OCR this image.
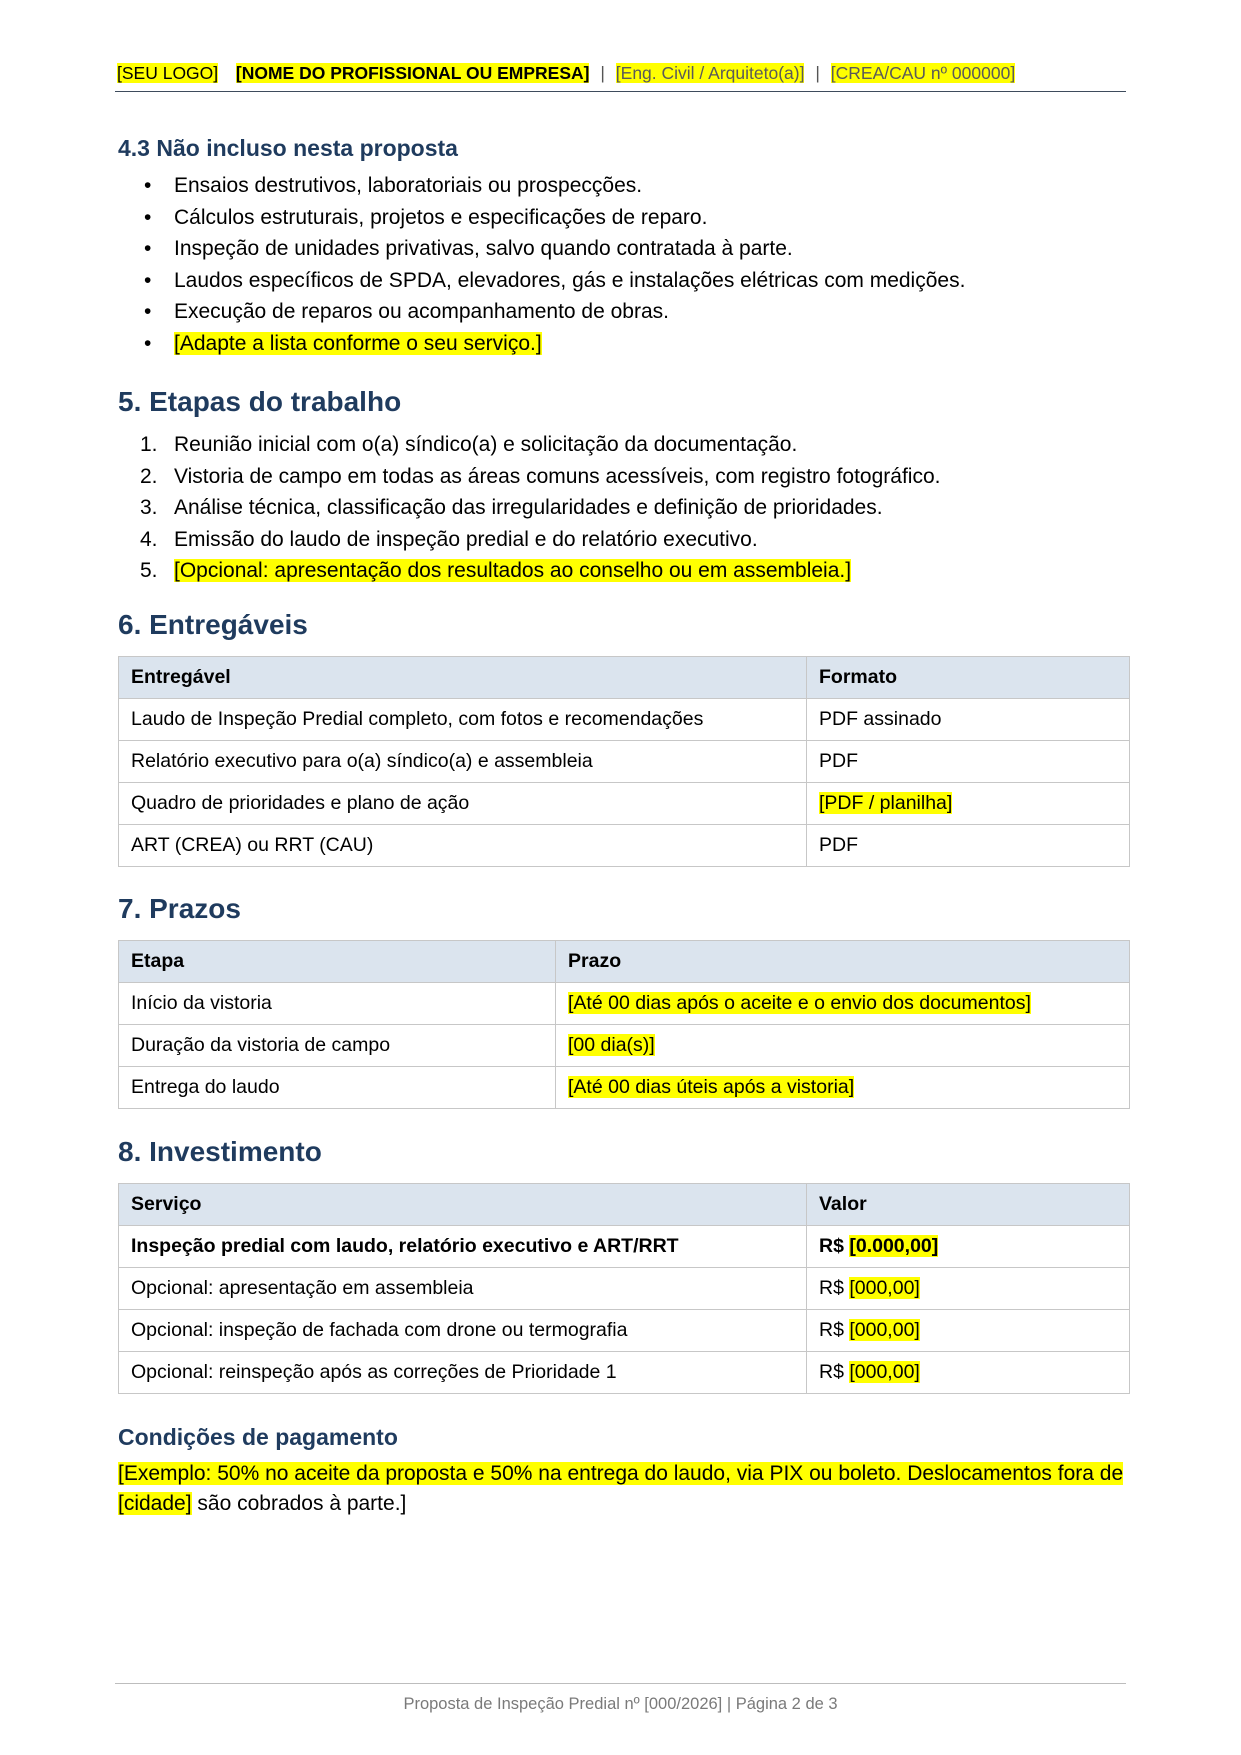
[SEU LOGO] [NOME DO PROFISSIONAL OU EMPRESA] | [Eng. Civil / Arquiteto(a)] | [CREA/CAU nº 000000]
4.3 Não incluso nesta proposta
• Ensaios destrutivos, laboratoriais ou prospecções.
• Cálculos estruturais, projetos e especificações de reparo.
• Inspeção de unidades privativas, salvo quando contratada à parte.
• Laudos específicos de SPDA, elevadores, gás e instalações elétricas com medições.
• Execução de reparos ou acompanhamento de obras.
• [Adapte a lista conforme o seu serviço.]
5. Etapas do trabalho
1. Reunião inicial com o(a) síndico(a) e solicitação da documentação.
2. Vistoria de campo em todas as áreas comuns acessíveis, com registro fotográfico.
3. Análise técnica, classificação das irregularidades e definição de prioridades.
4. Emissão do laudo de inspeção predial e do relatório executivo.
5. [Opcional: apresentação dos resultados ao conselho ou em assembleia.]
6. Entregáveis
Entregável	Formato
Laudo de Inspeção Predial completo, com fotos e recomendações	PDF assinado
Relatório executivo para o(a) síndico(a) e assembleia	PDF
Quadro de prioridades e plano de ação	[PDF / planilha]
ART (CREA) ou RRT (CAU)	PDF
7. Prazos
Etapa	Prazo
Início da vistoria	[Até 00 dias após o aceite e o envio dos documentos]
Duração da vistoria de campo	[00 dia(s)]
Entrega do laudo	[Até 00 dias úteis após a vistoria]
8. Investimento
Serviço	Valor
Inspeção predial com laudo, relatório executivo e ART/RRT	R$ [0.000,00]
Opcional: apresentação em assembleia	R$ [000,00]
Opcional: inspeção de fachada com drone ou termografia	R$ [000,00]
Opcional: reinspeção após as correções de Prioridade 1	R$ [000,00]
Condições de pagamento
[Exemplo: 50% no aceite da proposta e 50% na entrega do laudo, via PIX ou boleto. Deslocamentos fora de [cidade] são cobrados à parte.]
Proposta de Inspeção Predial nº [000/2026] | Página 2 de 3
